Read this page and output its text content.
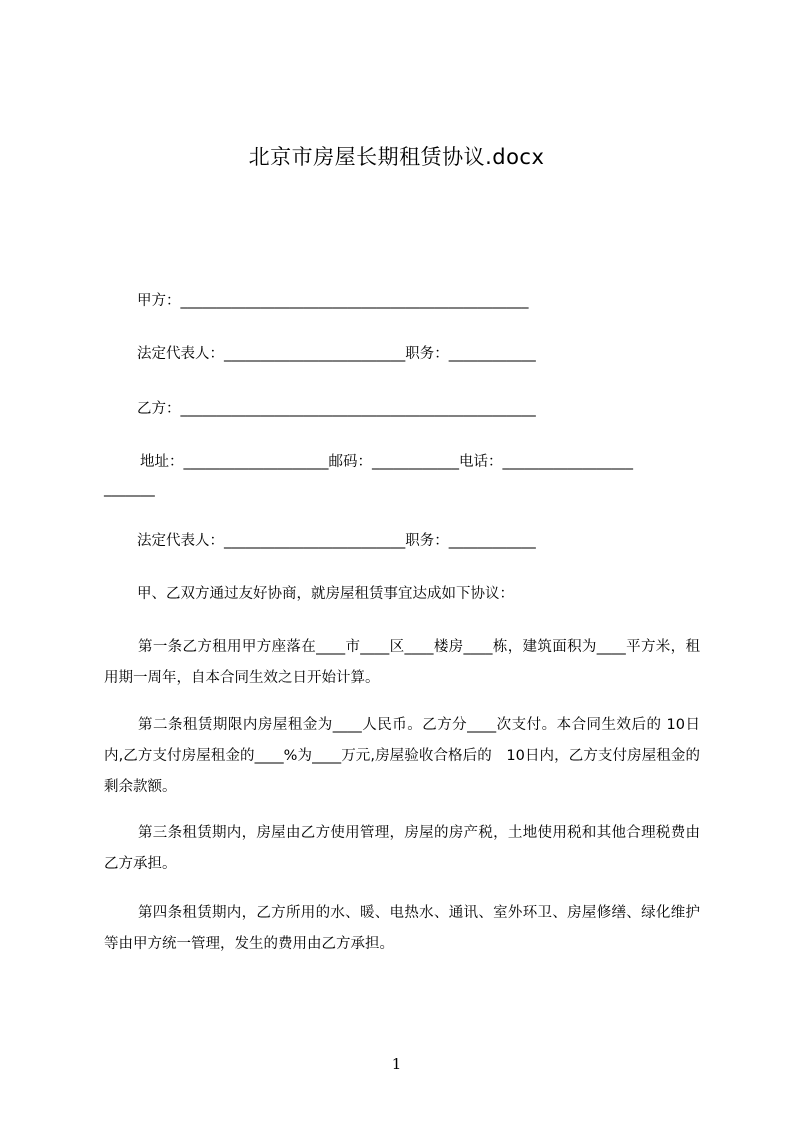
北京市房屋长期租赁协议.docx
甲方：________________________________________________
法定代表人：_________________________职务：____________
乙方：_________________________________________________
地址：____________________邮码：____________电话：__________________
_______
法定代表人：_________________________职务：____________
甲、乙双方通过友好协商，就房屋租赁事宜达成如下协议：
第一条乙方租用甲方座落在____市____区____楼房____栋，建筑面积为____平方米，租用期一周年，自本合同生效之日开始计算。
第二条租赁期限内房屋租金为____人民币。乙方分____次支付。本合同生效后的 10日内,乙方支付房屋租金的____%为____万元,房屋验收合格后的　10日内，乙方支付房屋租金的剩余款额。
第三条租赁期内，房屋由乙方使用管理，房屋的房产税，土地使用税和其他合理税费由乙方承担。
第四条租赁期内，乙方所用的水、暖、电热水、通讯、室外环卫、房屋修缮、绿化维护等由甲方统一管理，发生的费用由乙方承担。
1
